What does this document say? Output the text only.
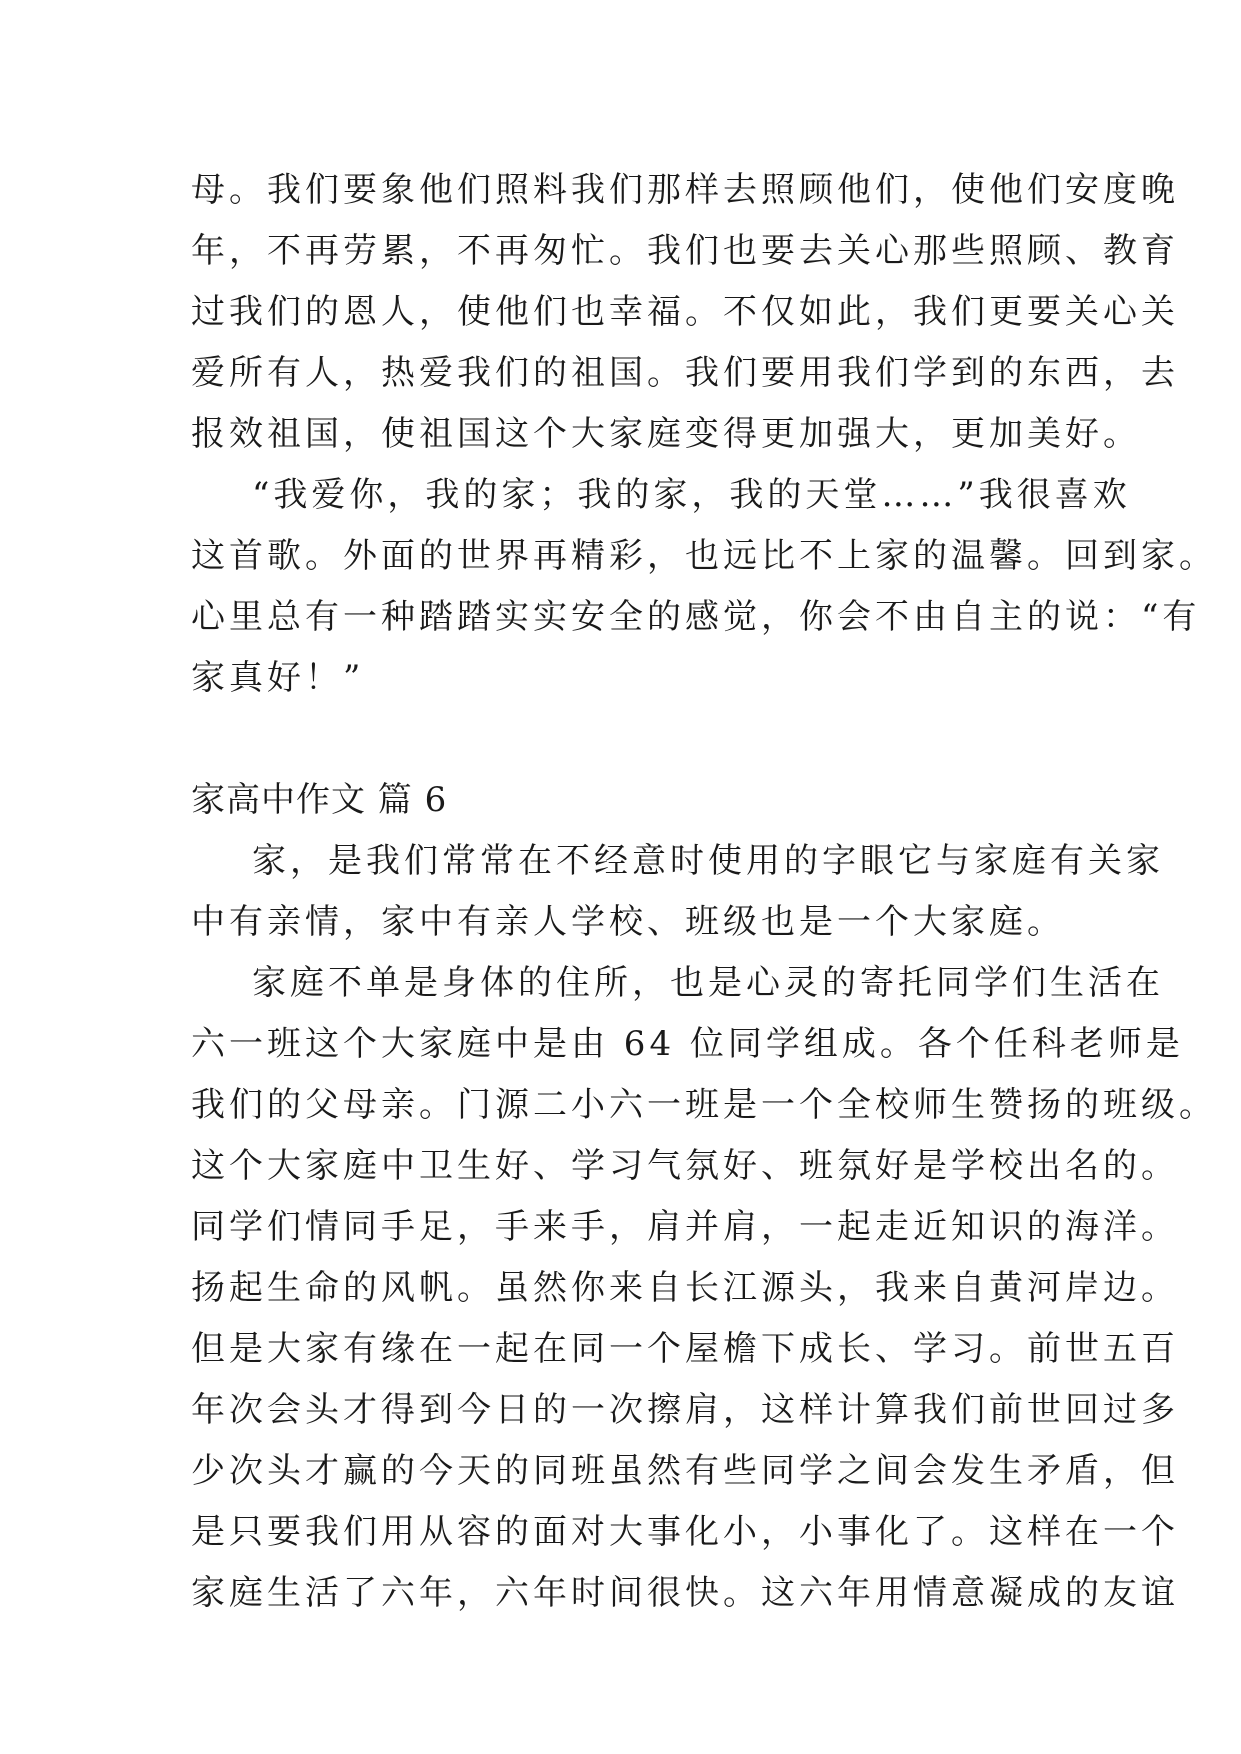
母。我们要象他们照料我们那样去照顾他们，使他们安度晚
年，不再劳累，不再匆忙。我们也要去关心那些照顾、教育
过我们的恩人，使他们也幸福。不仅如此，我们更要关心关
爱所有人，热爱我们的祖国。我们要用我们学到的东西，去
报效祖国，使祖国这个大家庭变得更加强大，更加美好。
“我爱你，我的家；我的家，我的天堂……”我很喜欢
这首歌。外面的世界再精彩，也远比不上家的温馨。回到家。
心里总有一种踏踏实实安全的感觉，你会不由自主的说：“有
家真好！”
家高中作文 篇 6
家，是我们常常在不经意时使用的字眼它与家庭有关家
中有亲情，家中有亲人学校、班级也是一个大家庭。
家庭不单是身体的住所，也是心灵的寄托同学们生活在
六一班这个大家庭中是由 64 位同学组成。各个任科老师是
我们的父母亲。门源二小六一班是一个全校师生赞扬的班级。
这个大家庭中卫生好、学习气氛好、班氛好是学校出名的。
同学们情同手足，手来手，肩并肩，一起走近知识的海洋。
扬起生命的风帆。虽然你来自长江源头，我来自黄河岸边。
但是大家有缘在一起在同一个屋檐下成长、学习。前世五百
年次会头才得到今日的一次擦肩，这样计算我们前世回过多
少次头才赢的今天的同班虽然有些同学之间会发生矛盾，但
是只要我们用从容的面对大事化小，小事化了。这样在一个
家庭生活了六年，六年时间很快。这六年用情意凝成的友谊
